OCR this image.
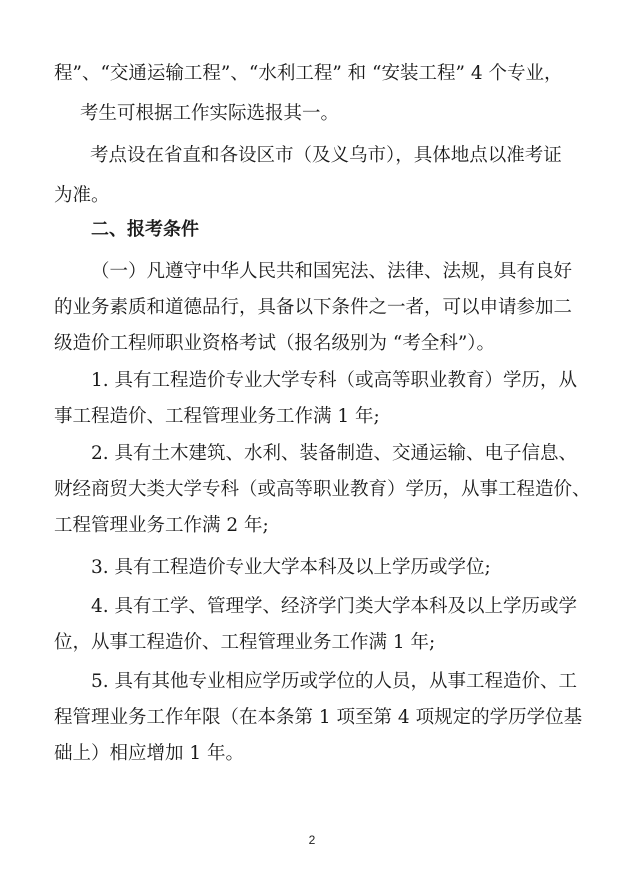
程”、“交通运输工程”、“水利工程” 和 “安装工程” 4 个专业，
考生可根据工作实际选报其一。
考点设在省直和各设区市（及义乌市），具体地点以准考证
为准。
二、报考条件
（一）凡遵守中华人民共和国宪法、法律、法规，具有良好
的业务素质和道德品行，具备以下条件之一者，可以申请参加二
级造价工程师职业资格考试（报名级别为 “考全科”）。
1. 具有工程造价专业大学专科（或高等职业教育）学历，从
事工程造价、工程管理业务工作满 1 年;
2. 具有土木建筑、水利、装备制造、交通运输、电子信息、
财经商贸大类大学专科（或高等职业教育）学历，从事工程造价、
工程管理业务工作满 2 年;
3. 具有工程造价专业大学本科及以上学历或学位;
4. 具有工学、管理学、经济学门类大学本科及以上学历或学
位，从事工程造价、工程管理业务工作满 1 年;
5. 具有其他专业相应学历或学位的人员，从事工程造价、工
程管理业务工作年限（在本条第 1 项至第 4 项规定的学历学位基
础上）相应增加 1 年。
2
